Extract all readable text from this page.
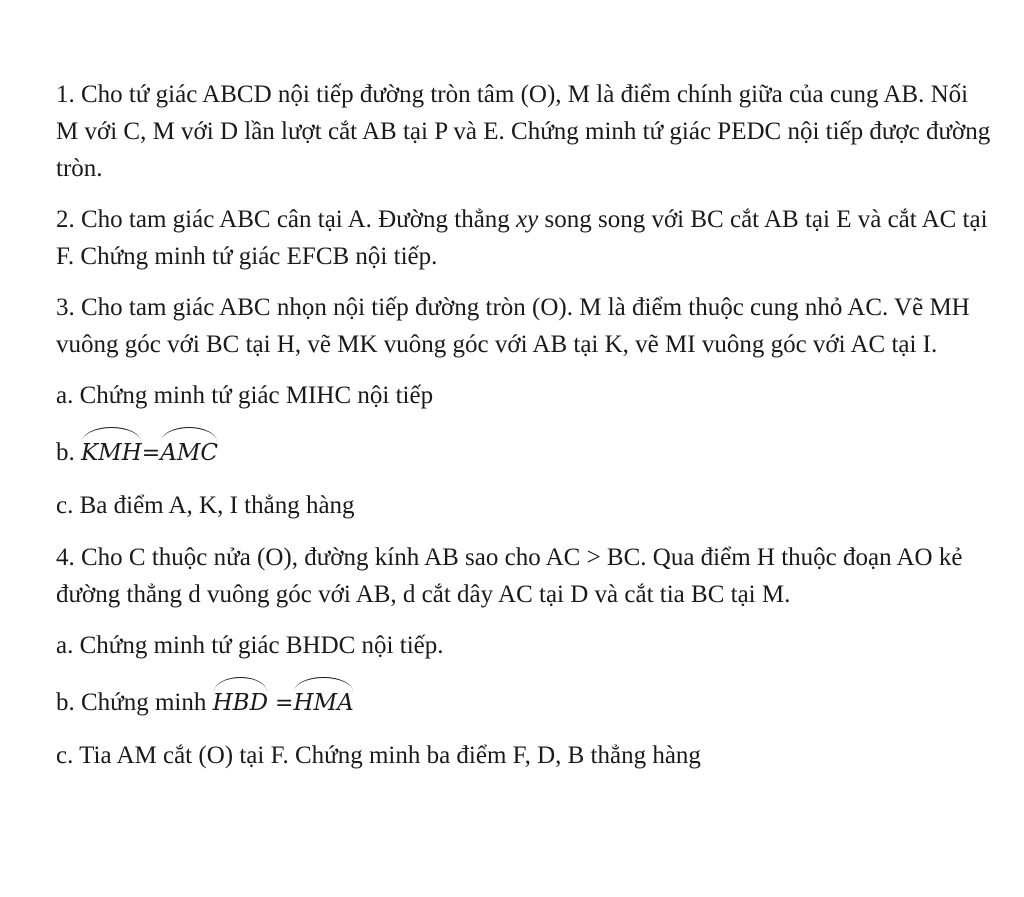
1. Cho tứ giác ABCD nội tiếp đường tròn tâm (O), M là điểm chính giữa của cung AB. Nối M với C, M với D lần lượt cắt AB tại P và E. Chứng minh tứ giác PEDC nội tiếp được đường tròn.

2. Cho tam giác ABC cân tại A. Đường thẳng xy song song với BC cắt AB tại E và cắt AC tại F. Chứng minh tứ giác EFCB nội tiếp.

3. Cho tam giác ABC nhọn nội tiếp đường tròn (O). M là điểm thuộc cung nhỏ AC. Vẽ MH vuông góc với BC tại H, vẽ MK vuông góc với AB tại K, vẽ MI vuông góc với AC tại I.

a. Chứng minh tứ giác MIHC nội tiếp

b. KMH=AMC

c. Ba điểm A, K, I thẳng hàng

4. Cho C thuộc nửa (O), đường kính AB sao cho AC > BC. Qua điểm H thuộc đoạn AO kẻ đường thẳng d vuông góc với AB, d cắt dây AC tại D và cắt tia BC tại M.

a. Chứng minh tứ giác BHDC nội tiếp.

b. Chứng minh HBD =HMA

c. Tia AM cắt (O) tại F. Chứng minh ba điểm F, D, B thẳng hàng
